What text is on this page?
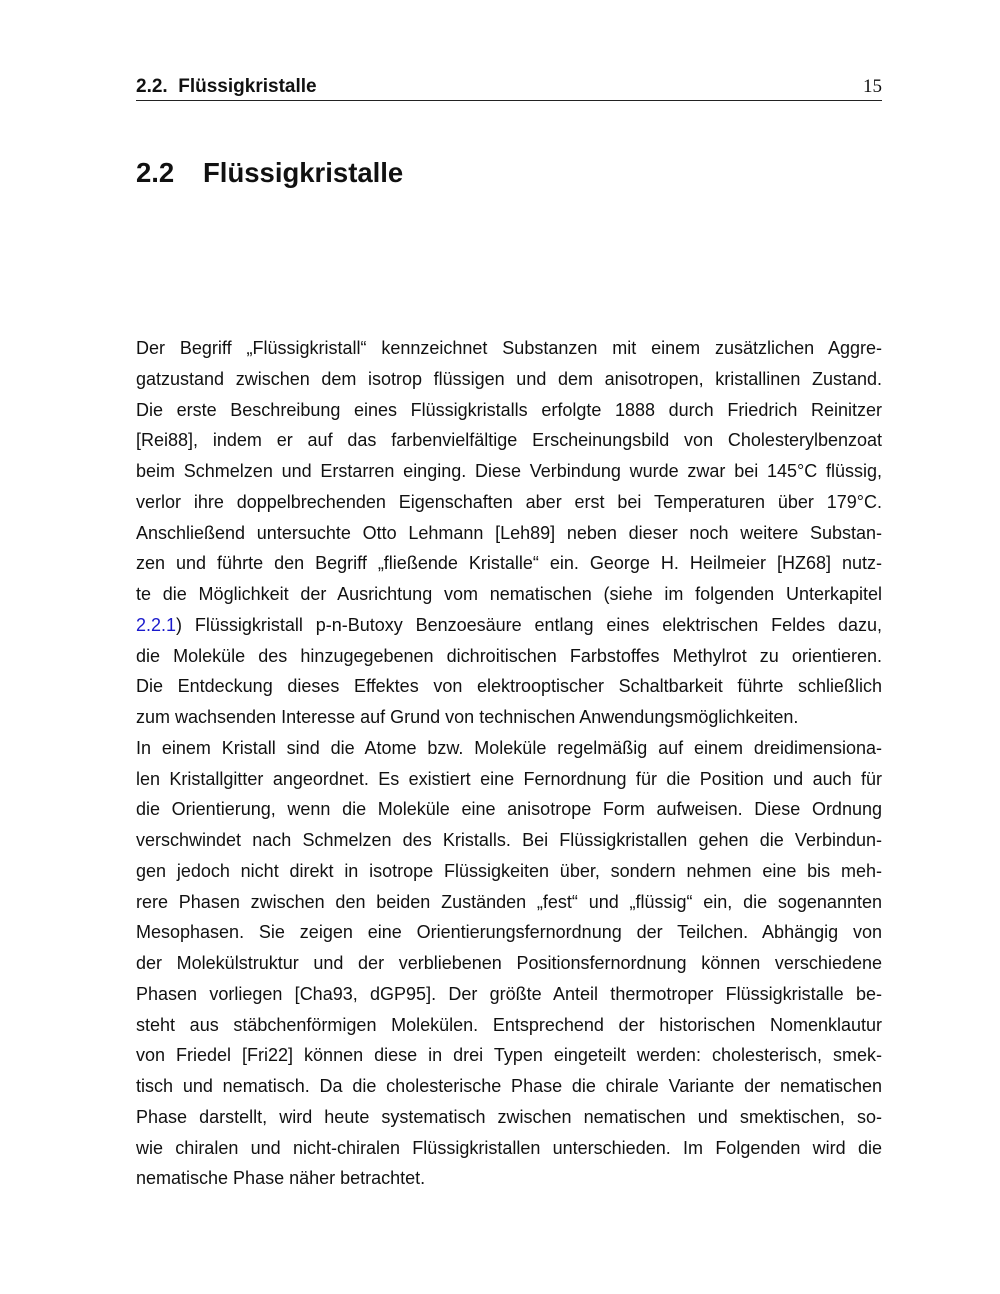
2.2.  Flüssigkristalle	15
2.2 Flüssigkristalle
Der Begriff „Flüssigkristall“ kennzeichnet Substanzen mit einem zusätzlichen Aggre-
gatzustand zwischen dem isotrop flüssigen und dem anisotropen, kristallinen Zustand.
Die erste Beschreibung eines Flüssigkristalls erfolgte 1888 durch Friedrich Reinitzer
[Rei88], indem er auf das farbenvielfältige Erscheinungsbild von Cholesterylbenzoat
beim Schmelzen und Erstarren einging. Diese Verbindung wurde zwar bei 145°C flüssig,
verlor ihre doppelbrechenden Eigenschaften aber erst bei Temperaturen über 179°C.
Anschließend untersuchte Otto Lehmann [Leh89] neben dieser noch weitere Substan-
zen und führte den Begriff „fließende Kristalle“ ein. George H. Heilmeier [HZ68] nutz-
te die Möglichkeit der Ausrichtung vom nematischen (siehe im folgenden Unterkapitel
2.2.1) Flüssigkristall p-n-Butoxy Benzoesäure entlang eines elektrischen Feldes dazu,
die Moleküle des hinzugegebenen dichroitischen Farbstoffes Methylrot zu orientieren.
Die Entdeckung dieses Effektes von elektrooptischer Schaltbarkeit führte schließlich
zum wachsenden Interesse auf Grund von technischen Anwendungsmöglichkeiten.
In einem Kristall sind die Atome bzw. Moleküle regelmäßig auf einem dreidimensiona-
len Kristallgitter angeordnet. Es existiert eine Fernordnung für die Position und auch für
die Orientierung, wenn die Moleküle eine anisotrope Form aufweisen. Diese Ordnung
verschwindet nach Schmelzen des Kristalls. Bei Flüssigkristallen gehen die Verbindun-
gen jedoch nicht direkt in isotrope Flüssigkeiten über, sondern nehmen eine bis meh-
rere Phasen zwischen den beiden Zuständen „fest“ und „flüssig“ ein, die sogenannten
Mesophasen. Sie zeigen eine Orientierungsfernordnung der Teilchen. Abhängig von
der Molekülstruktur und der verbliebenen Positionsfernordnung können verschiedene
Phasen vorliegen [Cha93, dGP95]. Der größte Anteil thermotroper Flüssigkristalle be-
steht aus stäbchenförmigen Molekülen. Entsprechend der historischen Nomenklautur
von Friedel [Fri22] können diese in drei Typen eingeteilt werden: cholesterisch, smek-
tisch und nematisch. Da die cholesterische Phase die chirale Variante der nematischen
Phase darstellt, wird heute systematisch zwischen nematischen und smektischen, so-
wie chiralen und nicht-chiralen Flüssigkristallen unterschieden. Im Folgenden wird die
nematische Phase näher betrachtet.
